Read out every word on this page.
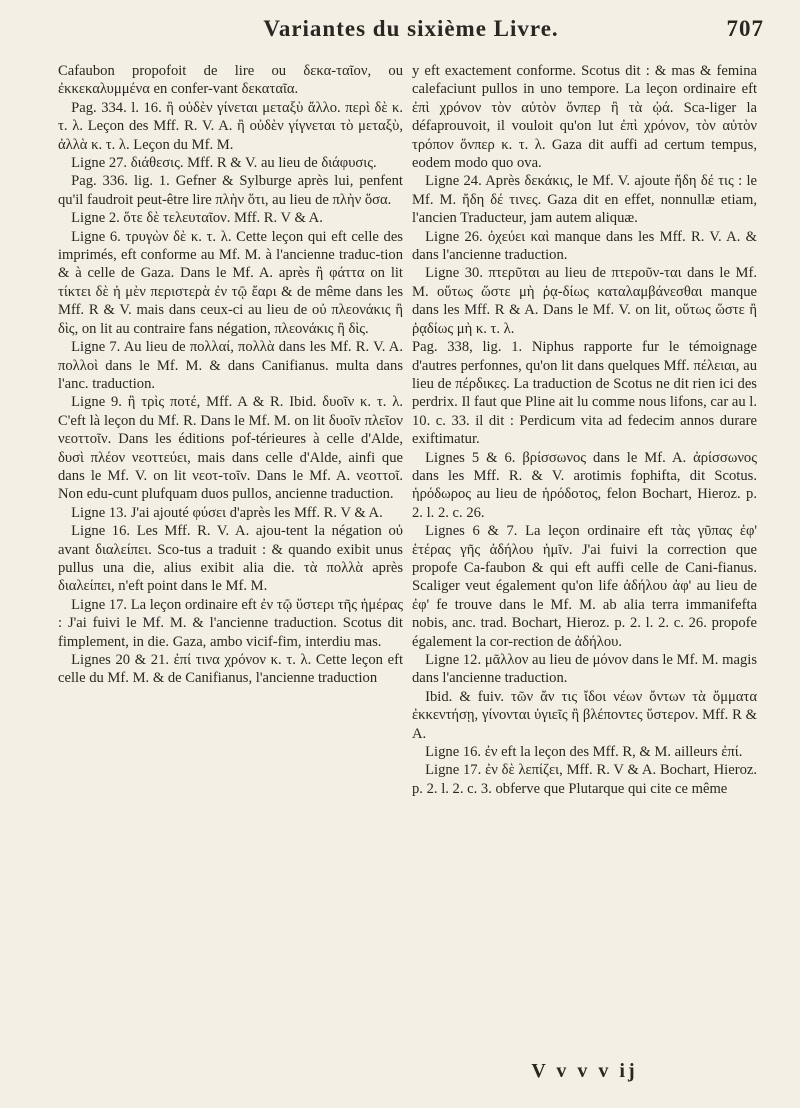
Variantes du sixième Livre.	707

Cafaubon propofoit de lire ou δεκα-ταῖον, ou ἐκκεκαλυμμένα en confer-vant δεκαταῖα.

Pag. 334. l. 16. ἢ οὐδὲν γίνεται μεταξὺ ἄλλο. περὶ δὲ κ. τ. λ. Leçon des Mff. R. V. A. ἢ οὐδὲν γίγνεται τὸ μεταξὺ, ἀλλὰ κ. τ. λ. Leçon du Mf. M.

Ligne 27. διάθεσις. Mff. R & V. au lieu de διάφυσις.

Pag. 336. lig. 1. Gefner & Sylburge après lui, penfent qu'il faudroit peut-être lire πλὴν ὅτι, au lieu de πλὴν ὅσα.

Ligne 2. ὅτε δὲ τελευταῖον. Mff. R. V & A.

Ligne 6. τρυγὼν δὲ κ. τ. λ. Cette leçon qui eft celle des imprimés, eft conforme au Mf. M. à l'ancienne traduc-tion & à celle de Gaza. Dans le Mf. A. après ἢ φάττα on lit τίκτει δὲ ἡ μὲν περιστερὰ ἐν τῷ ἔαρι & de même dans les Mff. R & V. mais dans ceux-ci au lieu de οὐ πλεονάκις ἢ δὶς, on lit au contraire fans négation, πλεονάκις ἢ δὶς.

Ligne 7. Au lieu de πολλαί, πολλὰ dans les Mf. R. V. A. πολλοὶ dans le Mf. M. & dans Canifianus. multa dans l'anc. traduction.

Ligne 9. ἢ τρὶς ποτέ, Mff. A & R. Ibid. δυοῖν κ. τ. λ. C'eft là leçon du Mf. R. Dans le Mf. M. on lit δυοῖν πλεῖον νεοττοῖν. Dans les éditions pof-térieures à celle d'Alde, δυσὶ πλέον νεοττεύει, mais dans celle d'Alde, ainfi que dans le Mf. V. on lit νεοτ-τοῖν. Dans le Mf. A. νεοττοῖ. Non edu-cunt plufquam duos pullos, ancienne traduction.

Ligne 13. J'ai ajouté φύσει d'après les Mff. R. V & A.

Ligne 16. Les Mff. R. V. A. ajou-tent la négation οὐ avant διαλείπει. Sco-tus a traduit : & quando exibit unus pullus una die, alius exibit alia die. τὰ πολλὰ après διαλείπει, n'eft point dans le Mf. M.

Ligne 17. La leçon ordinaire eft ἐν τῷ ὕστερι τῆς ἡμέρας : J'ai fuivi le Mf. M. & l'ancienne traduction. Scotus dit fimplement, in die. Gaza, ambo vicif-fim, interdiu mas.

Lignes 20 & 21. ἐπί τινα χρόνον κ. τ. λ. Cette leçon eft celle du Mf. M. & de Canifianus, l'ancienne traduction

y eft exactement conforme. Scotus dit : & mas & femina calefaciunt pullos in uno tempore. La leçon ordinaire eft ἐπὶ χρόνον τὸν αὐτὸν ὅνπερ ἢ τὰ ᾠά. Sca-liger la défaprouvoit, il vouloit qu'on lut ἐπὶ χρόνον, τὸν αὐτὸν τρόπον ὅνπερ κ. τ. λ. Gaza dit auffi ad certum tempus, eodem modo quo ova.

Ligne 24. Après δεκάκις, le Mf. V. ajoute ἤδη δέ τις : le Mf. M. ἤδη δέ τινες. Gaza dit en effet, nonnullæ etiam, l'ancien Traducteur, jam autem aliquæ.

Ligne 26. ὀχεύει καὶ manque dans les Mff. R. V. A. & dans l'ancienne traduction.

Ligne 30. πτερῦται au lieu de πτεροῦν-ται dans le Mf. M. οὕτως ὥστε μὴ ῥᾳ-δίως καταλαμβάνεσθαι manque dans les Mff. R & A. Dans le Mf. V. on lit, οὕτως ὥστε ἢ ῥᾳδίως μὴ κ. τ. λ.

Pag. 338, lig. 1. Niphus rapporte fur le témoignage d'autres perfonnes, qu'on lit dans quelques Mff. πέλειαι, au lieu de πέρδικες. La traduction de Scotus ne dit rien ici des perdrix. Il faut que Pline ait lu comme nous lifons, car au l. 10. c. 33. il dit : Perdicum vita ad fedecim annos durare exiftimatur.

Lignes 5 & 6. βρίσσωνος dans le Mf. A. ἀρίσσωνος dans les Mff. R. & V. arotimis fophifta, dit Scotus. ἡρόδωρος au lieu de ἡρόδοτος, felon Bochart, Hieroz. p. 2. l. 2. c. 26.

Lignes 6 & 7. La leçon ordinaire eft τὰς γῦπας ἐφ' ἑτέρας γῆς ἀδήλου ἡμῖν. J'ai fuivi la correction que propofe Ca-faubon & qui eft auffi celle de Cani-fianus. Scaliger veut également qu'on life ἀδήλου ἀφ' au lieu de ἐφ' fe trouve dans le Mf. M. ab alia terra immanifefta nobis, anc. trad. Bochart, Hieroz. p. 2. l. 2. c. 26. propofe également la cor-rection de ἀδήλου.

Ligne 12. μᾶλλον au lieu de μόνον dans le Mf. M. magis dans l'ancienne traduction.

Ibid. & fuiv. τῶν ἄν τις ἴδοι νέων ὄντων τὰ ὄμματα ἐκκεντήσῃ, γίνονται ὑγιεῖς ἢ βλέποντες ὕστερον. Mff. R & A.

Ligne 16. ἐν eft la leçon des Mff. R, & M. ailleurs ἐπί.

Ligne 17. ἐν δὲ λεπίζει, Mff. R. V & A. Bochart, Hieroz. p. 2. l. 2. c. 3. obferve que Plutarque qui cite ce même

V v v v ij
